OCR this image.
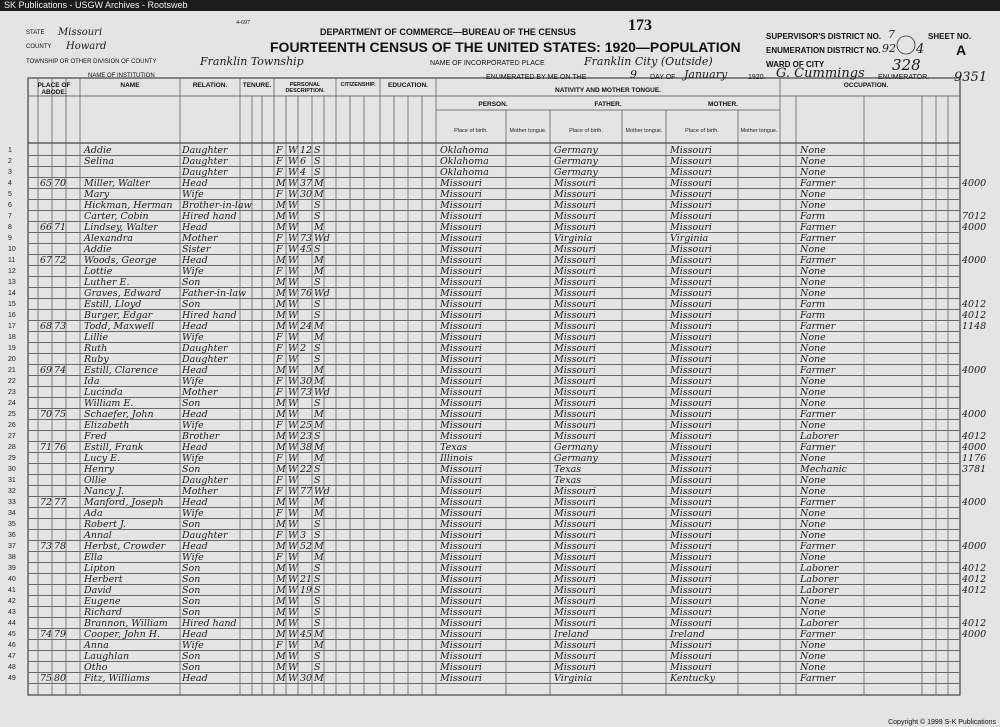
SK Publications - USGW Archives - Rootsweb
4-697
DEPARTMENT OF COMMERCE—BUREAU OF THE CENSUS
FOURTEENTH CENSUS OF THE UNITED STATES: 1920—POPULATION
173
STATE Missouri
COUNTY Howard
TOWNSHIP OR OTHER DIVISION OF COUNTY	Franklin Township
NAME OF INSTITUTION
NAME OF INCORPORATED PLACE	Franklin City (Outside)
ENUMERATED BY ME ON THE	9 DAY OF January	1920. G. Cummings ENUMERATOR.
SUPERVISOR'S DISTRICT NO. 7
ENUMERATION DISTRICT NO. 92
WARD OF CITY
SHEET NO.
4 A
328
9351
PLACE OF ABODE.
NAME	RELATION.	TENURE.	PERSONAL DESCRIPTION.
CITIZENSHIP.	EDUCATION.
NATIVITY AND MOTHER TONGUE.
PERSON.	FATHER.	MOTHER.
OCCUPATION.
Place of birth.	Mother tongue.	Place of birth.	Mother tongue.	Place of birth.	Mother tongue.
1	Addie	Daughter	F W 12 S	Oklahoma	Germany	Missouri	None
2	Selina	Daughter	F W 6 S	Oklahoma	Germany	Missouri	None
3	Daughter	F W 4 S	Oklahoma	Germany	Missouri	None
4	65 70 Miller, Walter	Head	M W 37 M	Missouri	Missouri	Missouri	Farmer	4000
5	Mary	Wife	F W 30 M	Missouri	Missouri	Missouri	None
6	Hickman, Herman	Brother-in-law	M W S	Missouri	Missouri	Missouri	None
7	Carter, Cobin	Hired hand	M W S	Missouri	Missouri	Missouri	Farm	7012
8	66 71 Lindsey, Walter	Head	M W M	Missouri	Missouri	Missouri	Farmer	4000
9	Alexandra	Mother	F W 73 Wd	Missouri	Virginia	Virginia	Farmer
10	Addie	Sister	F W 45 S	Missouri	Missouri	Missouri	None
11	67 72 Woods, George	Head	M W M	Missouri	Missouri	Missouri	Farmer	4000
12	Lottie	Wife	F W M	Missouri	Missouri	Missouri	None
13	Luther E.	Son	M W S	Missouri	Missouri	Missouri	None
14	Graves, Edward	Father-in-law	M W 76 Wd	Missouri	Missouri	Missouri	None
15	Estill, Lloyd	Son	M W S	Missouri	Missouri	Missouri	Farm	4012
16	Burger, Edgar	Hired hand	M W S	Missouri	Missouri	Missouri	Farm	4012
17	68 73 Todd, Maxwell	Head	M W 24 M	Missouri	Missouri	Missouri	Farmer	1148
18	Lillie	Wife	F W M	Missouri	Missouri	Missouri	None
19	Ruth	Daughter	F W 2 S	Missouri	Missouri	Missouri	None
20	Ruby	Daughter	F W S	Missouri	Missouri	Missouri	None
21	69 74 Estill, Clarence	Head	M W M	Missouri	Missouri	Missouri	Farmer	4000
22	Ida	Wife	F W 30 M	Missouri	Missouri	Missouri	None
23	Lucinda	Mother	F W 73 Wd	Missouri	Missouri	Missouri	None
24	William E.	Son	M W S	Missouri	Missouri	Missouri	None
25	70 75 Schaefer, John	Head	M W M	Missouri	Missouri	Missouri	Farmer	4000
26	Elizabeth	Wife	F W 25 M	Missouri	Missouri	Missouri	None
27	Fred	Brother	M W 23 S	Missouri	Missouri	Missouri	Laborer	4012
28	71 76 Estill, Frank	Head	M W 38 M	Texas	Germany	Missouri	Farmer	4000
29	Lucy E.	Wife	F W M	Illinois	Germany	Missouri	None	1176
30	Henry	Son	M W 22 S	Missouri	Texas	Missouri	Mechanic	3781
31	Ollie	Daughter	F W S	Missouri	Texas	Missouri	None
32	Nancy J.	Mother	F W 77 Wd	Missouri	Missouri	Missouri	None
33	72 77 Manford, Joseph	Head	M W M	Missouri	Missouri	Missouri	Farmer	4000
34	Ada	Wife	F W M	Missouri	Missouri	Missouri	None
35	Robert J.	Son	M W S	Missouri	Missouri	Missouri	None
36	Annal	Daughter	F W 3 S	Missouri	Missouri	Missouri	None
37	73 78 Herbst, Crowder	Head	M W 52 M	Missouri	Missouri	Missouri	Farmer	4000
38	Ella	Wife	F W M	Missouri	Missouri	Missouri	None
39	Lipton	Son	M W S	Missouri	Missouri	Missouri	Laborer	4012
40	Herbert	Son	M W 21 S	Missouri	Missouri	Missouri	Laborer	4012
41	David	Son	M W 19 S	Missouri	Missouri	Missouri	Laborer	4012
42	Eugene	Son	M W S	Missouri	Missouri	Missouri	None
43	Richard	Son	M W S	Missouri	Missouri	Missouri	None
44	Brannon, William	Hired hand	M W S	Missouri	Missouri	Missouri	Laborer	4012
45	74 79 Cooper, John H.	Head	M W 45 M	Missouri	Ireland	Ireland	Farmer	4000
46	Anna	Wife	F W M	Missouri	Missouri	Missouri	None
47	Laughlan	Son	M W S	Missouri	Missouri	Missouri	None
48	Otho	Son	M W S	Missouri	Missouri	Missouri	None
49	75 80 Fitz, Williams	Head	M W 30 M	Missouri	Virginia	Kentucky	Farmer
Copyright © 1999 S-K Publications
